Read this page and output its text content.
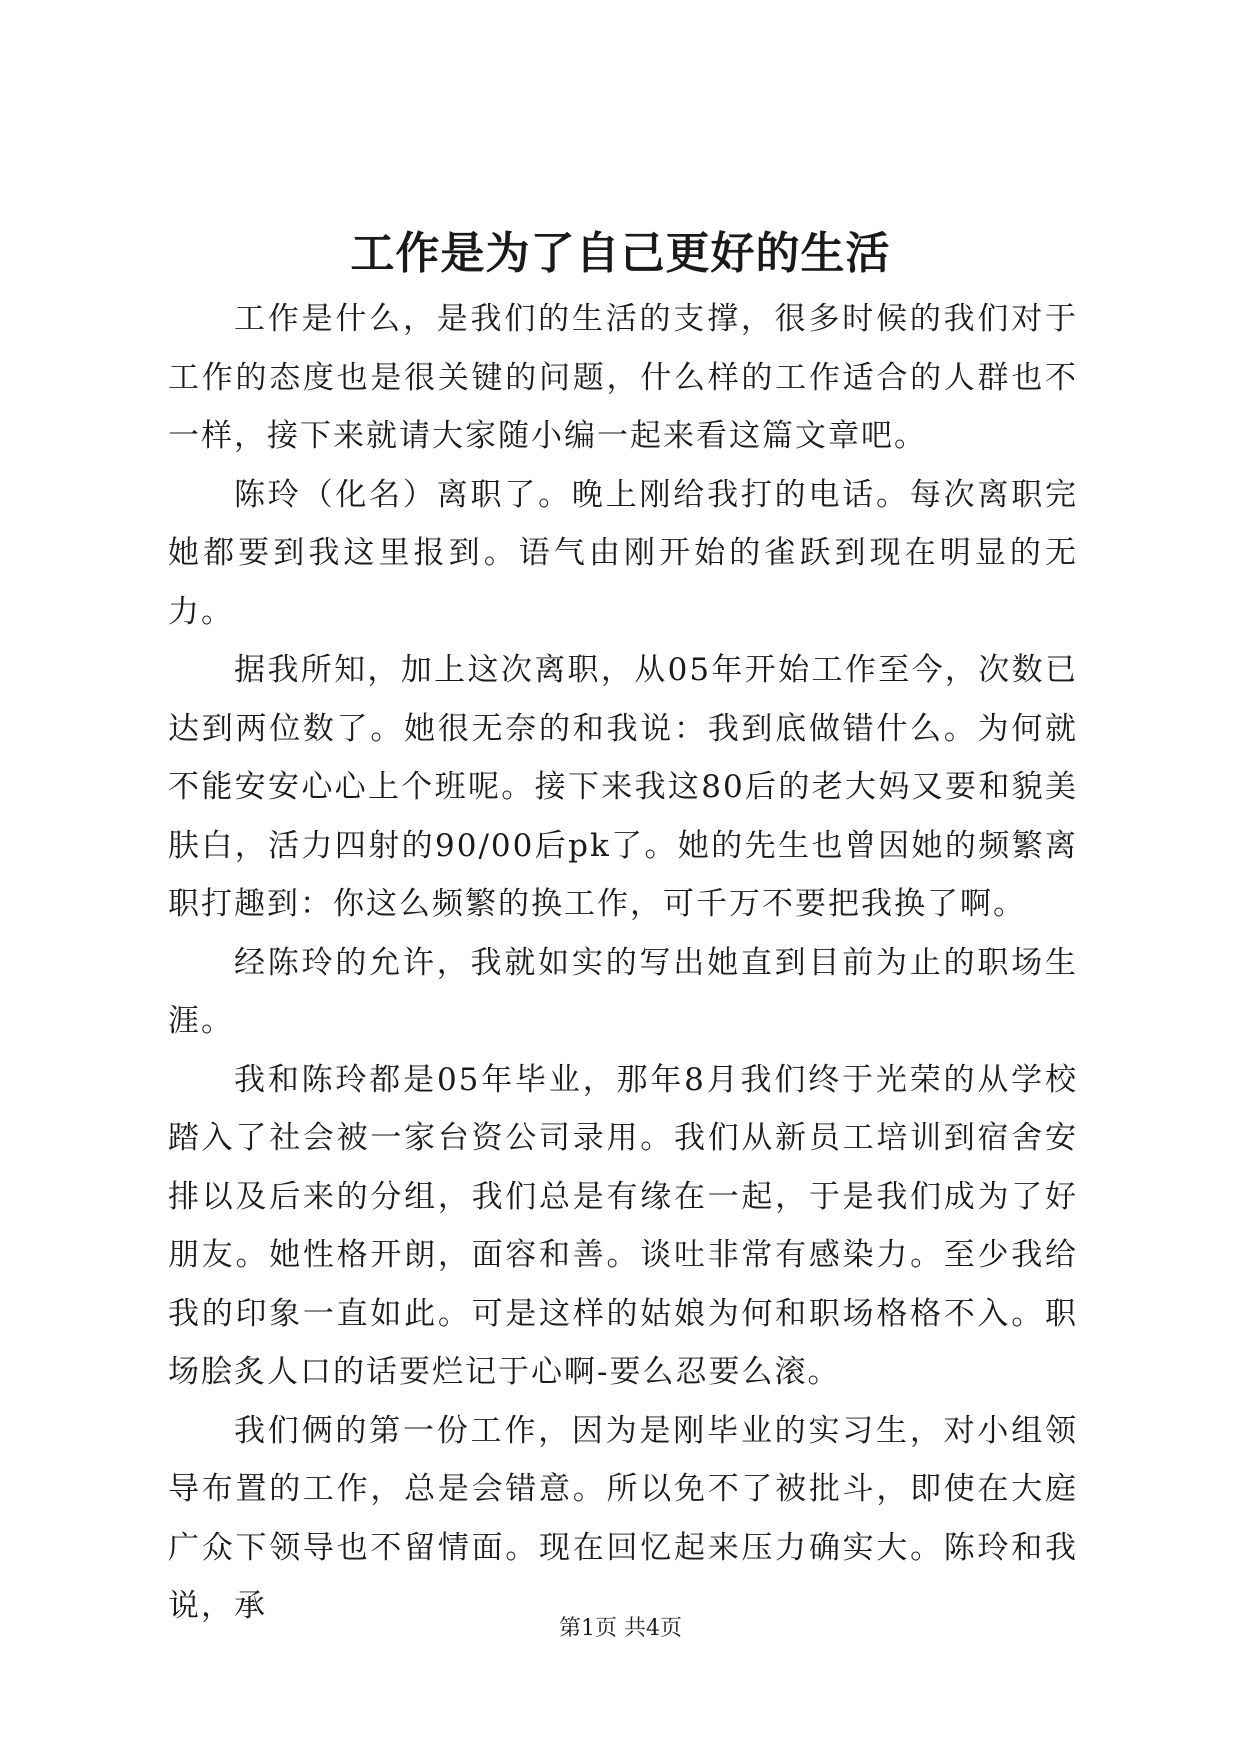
工作是为了自己更好的生活

工作是什么，是我们的生活的支撑，很多时候的我们对于工作的态度也是很关键的问题，什么样的工作适合的人群也不一样，接下来就请大家随小编一起来看这篇文章吧。

陈玲（化名）离职了。晚上刚给我打的电话。每次离职完她都要到我这里报到。语气由刚开始的雀跃到现在明显的无力。

据我所知，加上这次离职，从05年开始工作至今，次数已达到两位数了。她很无奈的和我说：我到底做错什么。为何就不能安安心心上个班呢。接下来我这80后的老大妈又要和貌美肤白，活力四射的90/00后pk了。她的先生也曾因她的频繁离职打趣到：你这么频繁的换工作，可千万不要把我换了啊。

经陈玲的允许，我就如实的写出她直到目前为止的职场生涯。

我和陈玲都是05年毕业，那年8月我们终于光荣的从学校踏入了社会被一家台资公司录用。我们从新员工培训到宿舍安排以及后来的分组，我们总是有缘在一起，于是我们成为了好朋友。她性格开朗，面容和善。谈吐非常有感染力。至少我给我的印象一直如此。可是这样的姑娘为何和职场格格不入。职场脍炙人口的话要烂记于心啊-要么忍要么滚。

我们俩的第一份工作，因为是刚毕业的实习生，对小组领导布置的工作，总是会错意。所以免不了被批斗，即使在大庭广众下领导也不留情面。现在回忆起来压力确实大。陈玲和我说，承

第1页 共4页
